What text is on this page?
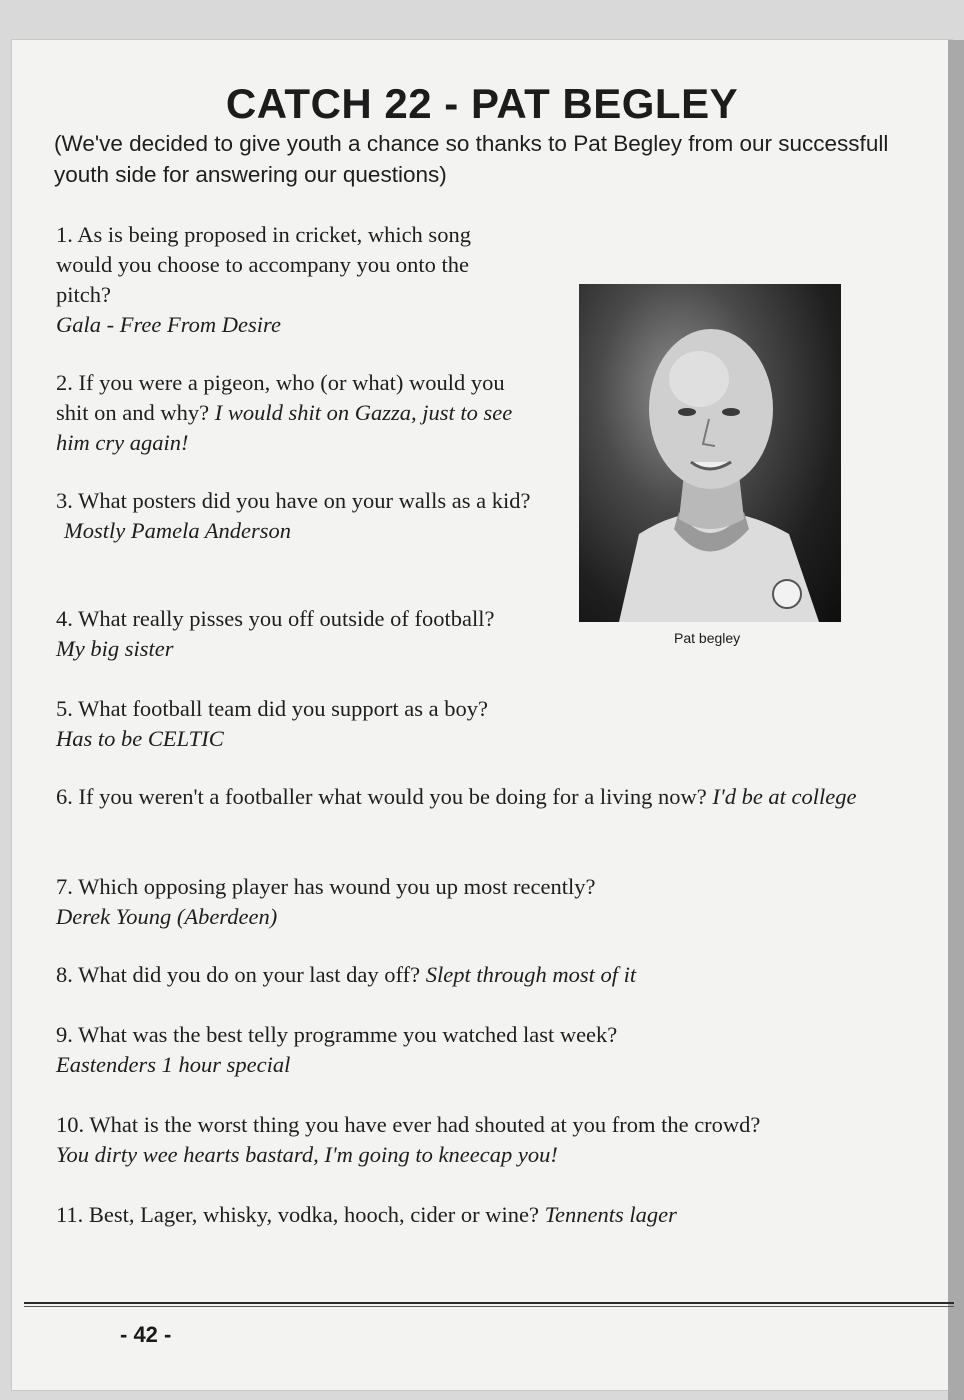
CATCH 22 - PAT BEGLEY
(We've decided to give youth a chance so thanks to Pat Begley from our successfull youth side for answering our questions)
1. As is being proposed in cricket, which song would you choose to accompany you onto the pitch?
Gala - Free From Desire
2. If you were a pigeon, who (or what) would you shit on and why? I would shit on Gazza, just to see him cry again!
3. What posters did you have on your walls as a kid?
Mostly Pamela Anderson
4. What really pisses you off outside of football? My big sister
5. What football team did you support as a boy? Has to be CELTIC
6. If you weren't a footballer what would you be doing for a living now? I'd be at college
7. Which opposing player has wound you up most recently?
Derek Young (Aberdeen)
8. What did you do on your last day off? Slept through most of it
9. What was the best telly programme you watched last week?
Eastenders 1 hour special
10. What is the worst thing you have ever had shouted at you from the crowd?
You dirty wee hearts bastard, I'm going to kneecap you!
11. Best, Lager, whisky, vodka, hooch, cider or wine? Tennents lager
Pat begley
- 42 -
